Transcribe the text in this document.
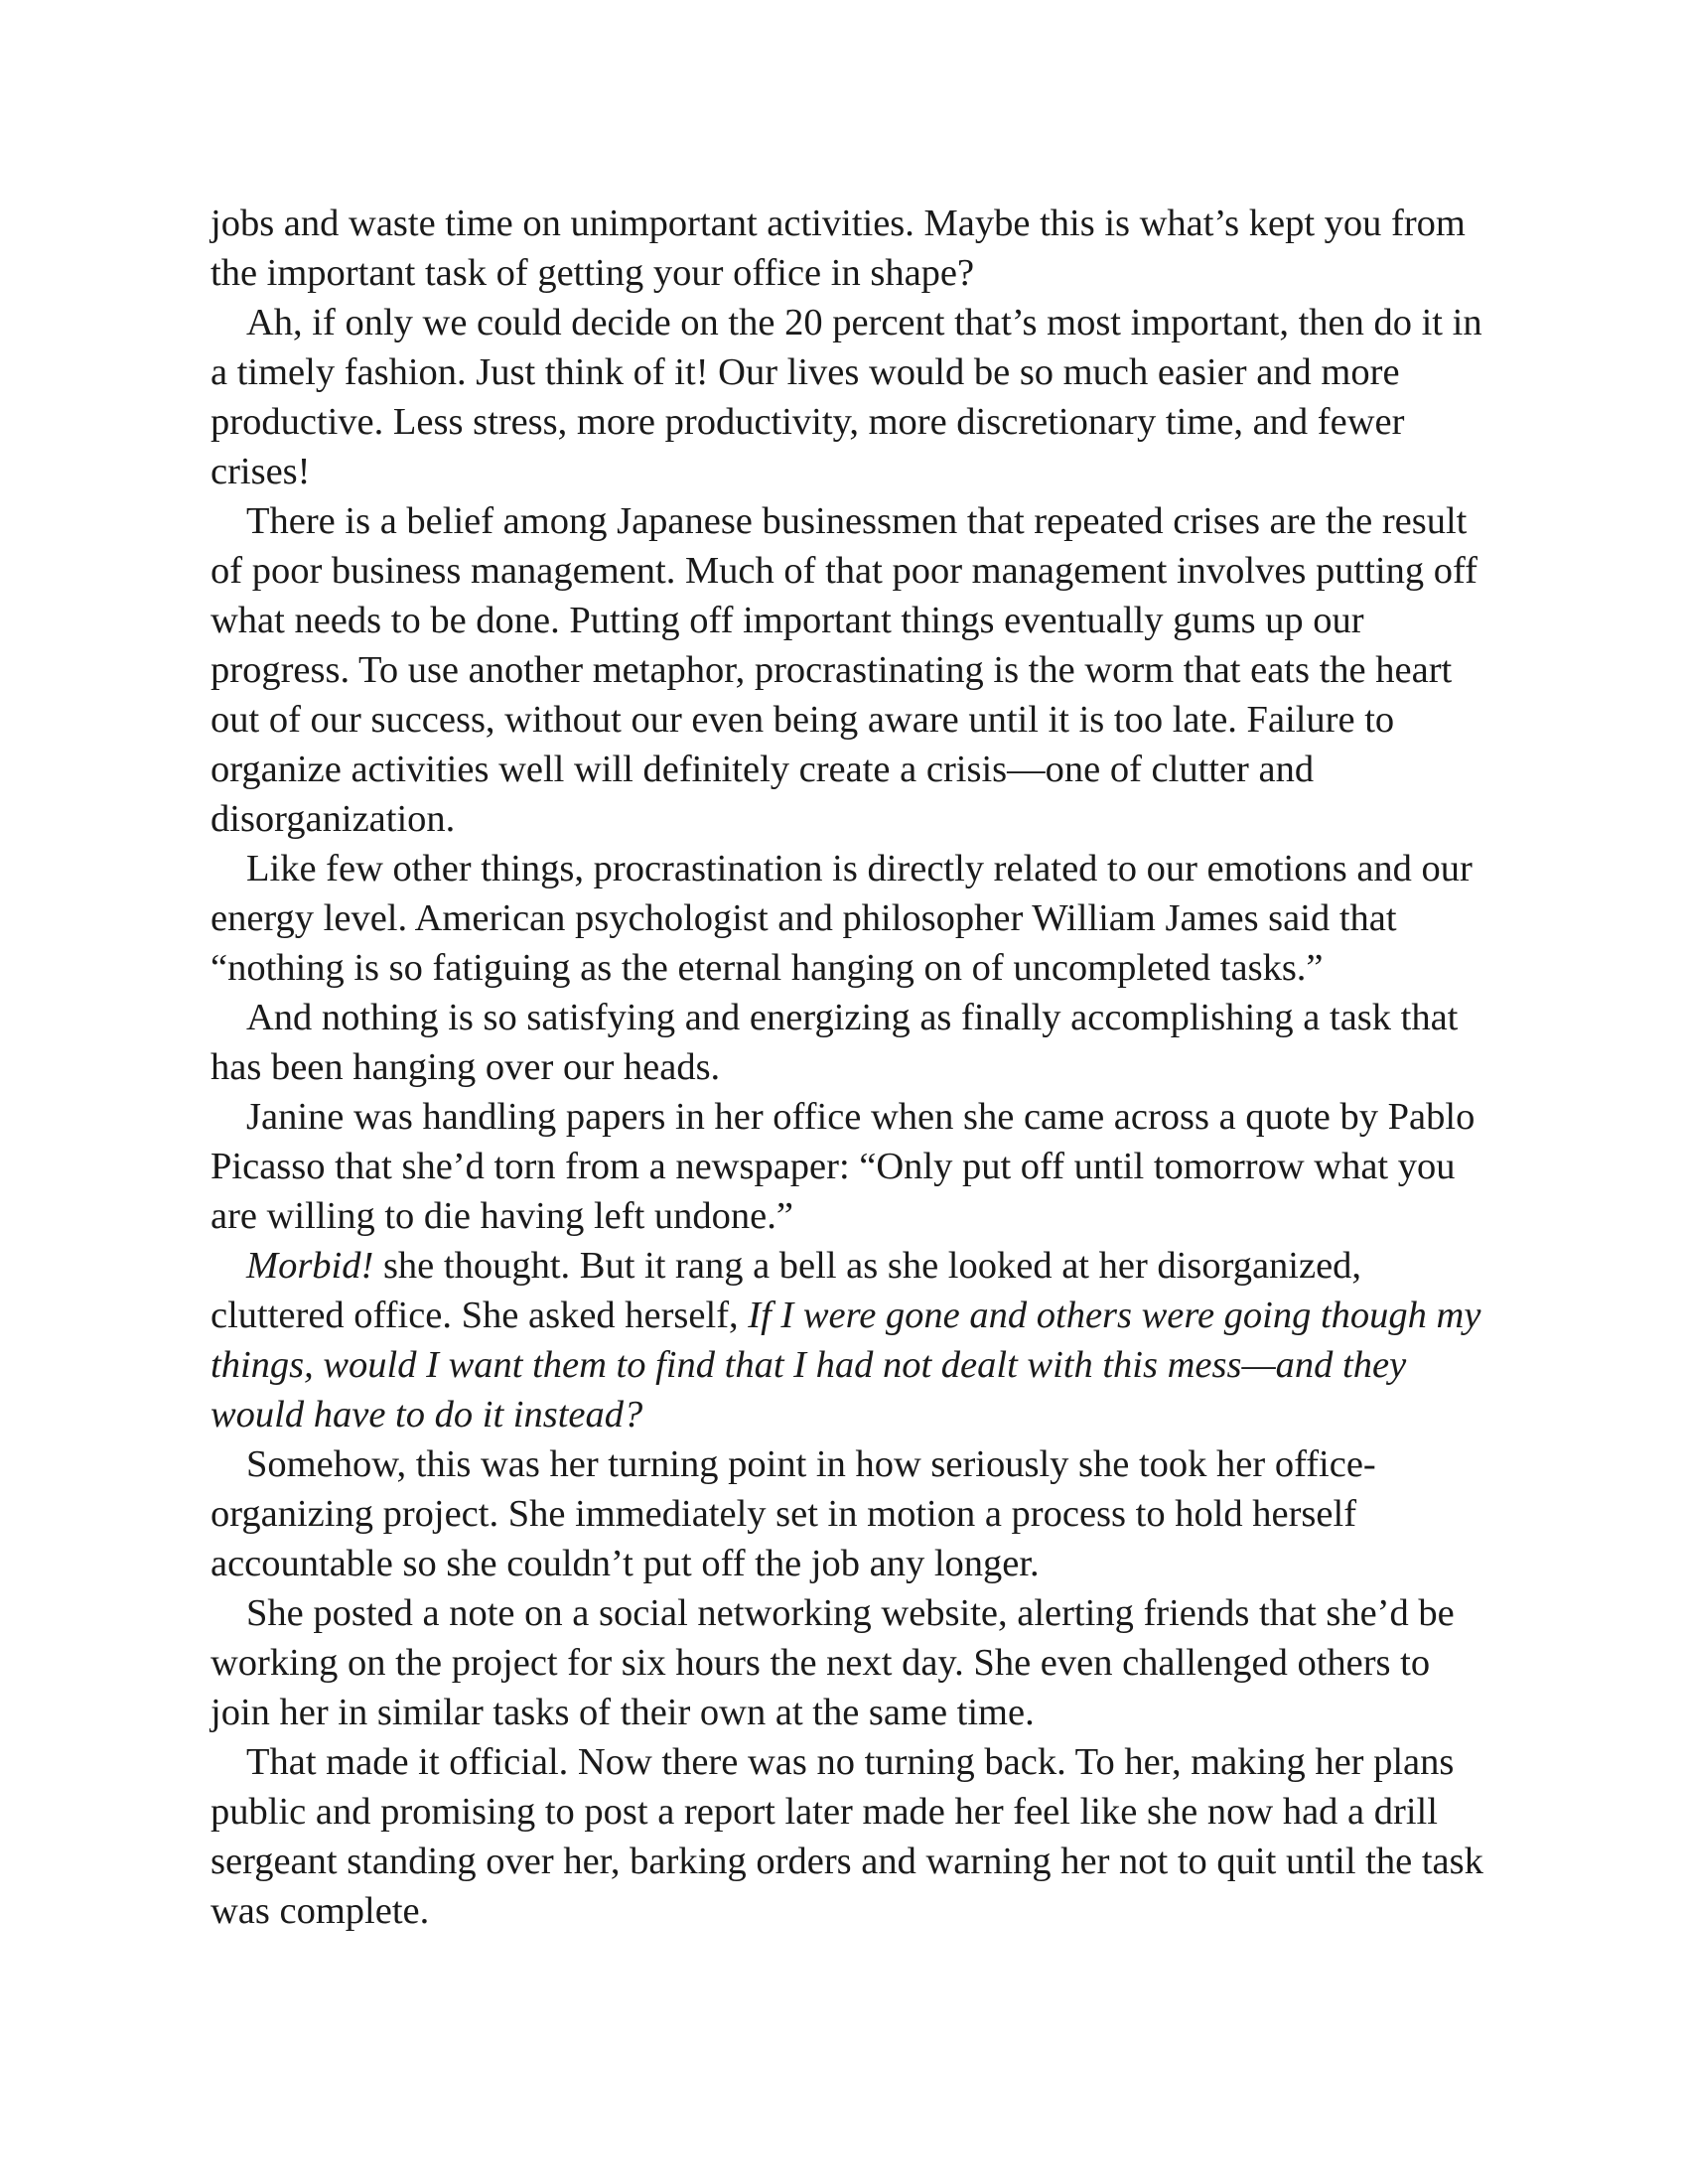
jobs and waste time on unimportant activities. Maybe this is what’s kept you from the important task of getting your office in shape?

Ah, if only we could decide on the 20 percent that’s most important, then do it in a timely fashion. Just think of it! Our lives would be so much easier and more productive. Less stress, more productivity, more discretionary time, and fewer crises!

There is a belief among Japanese businessmen that repeated crises are the result of poor business management. Much of that poor management involves putting off what needs to be done. Putting off important things eventually gums up our progress. To use another metaphor, procrastinating is the worm that eats the heart out of our success, without our even being aware until it is too late. Failure to organize activities well will definitely create a crisis—one of clutter and disorganization.

Like few other things, procrastination is directly related to our emotions and our energy level. American psychologist and philosopher William James said that “nothing is so fatiguing as the eternal hanging on of uncompleted tasks.”

And nothing is so satisfying and energizing as finally accomplishing a task that has been hanging over our heads.

Janine was handling papers in her office when she came across a quote by Pablo Picasso that she’d torn from a newspaper: “Only put off until tomorrow what you are willing to die having left undone.”

Morbid! she thought. But it rang a bell as she looked at her disorganized, cluttered office. She asked herself, If I were gone and others were going though my things, would I want them to find that I had not dealt with this mess—and they would have to do it instead?

Somehow, this was her turning point in how seriously she took her office-organizing project. She immediately set in motion a process to hold herself accountable so she couldn’t put off the job any longer.

She posted a note on a social networking website, alerting friends that she’d be working on the project for six hours the next day. She even challenged others to join her in similar tasks of their own at the same time.

That made it official. Now there was no turning back. To her, making her plans public and promising to post a report later made her feel like she now had a drill sergeant standing over her, barking orders and warning her not to quit until the task was complete.
